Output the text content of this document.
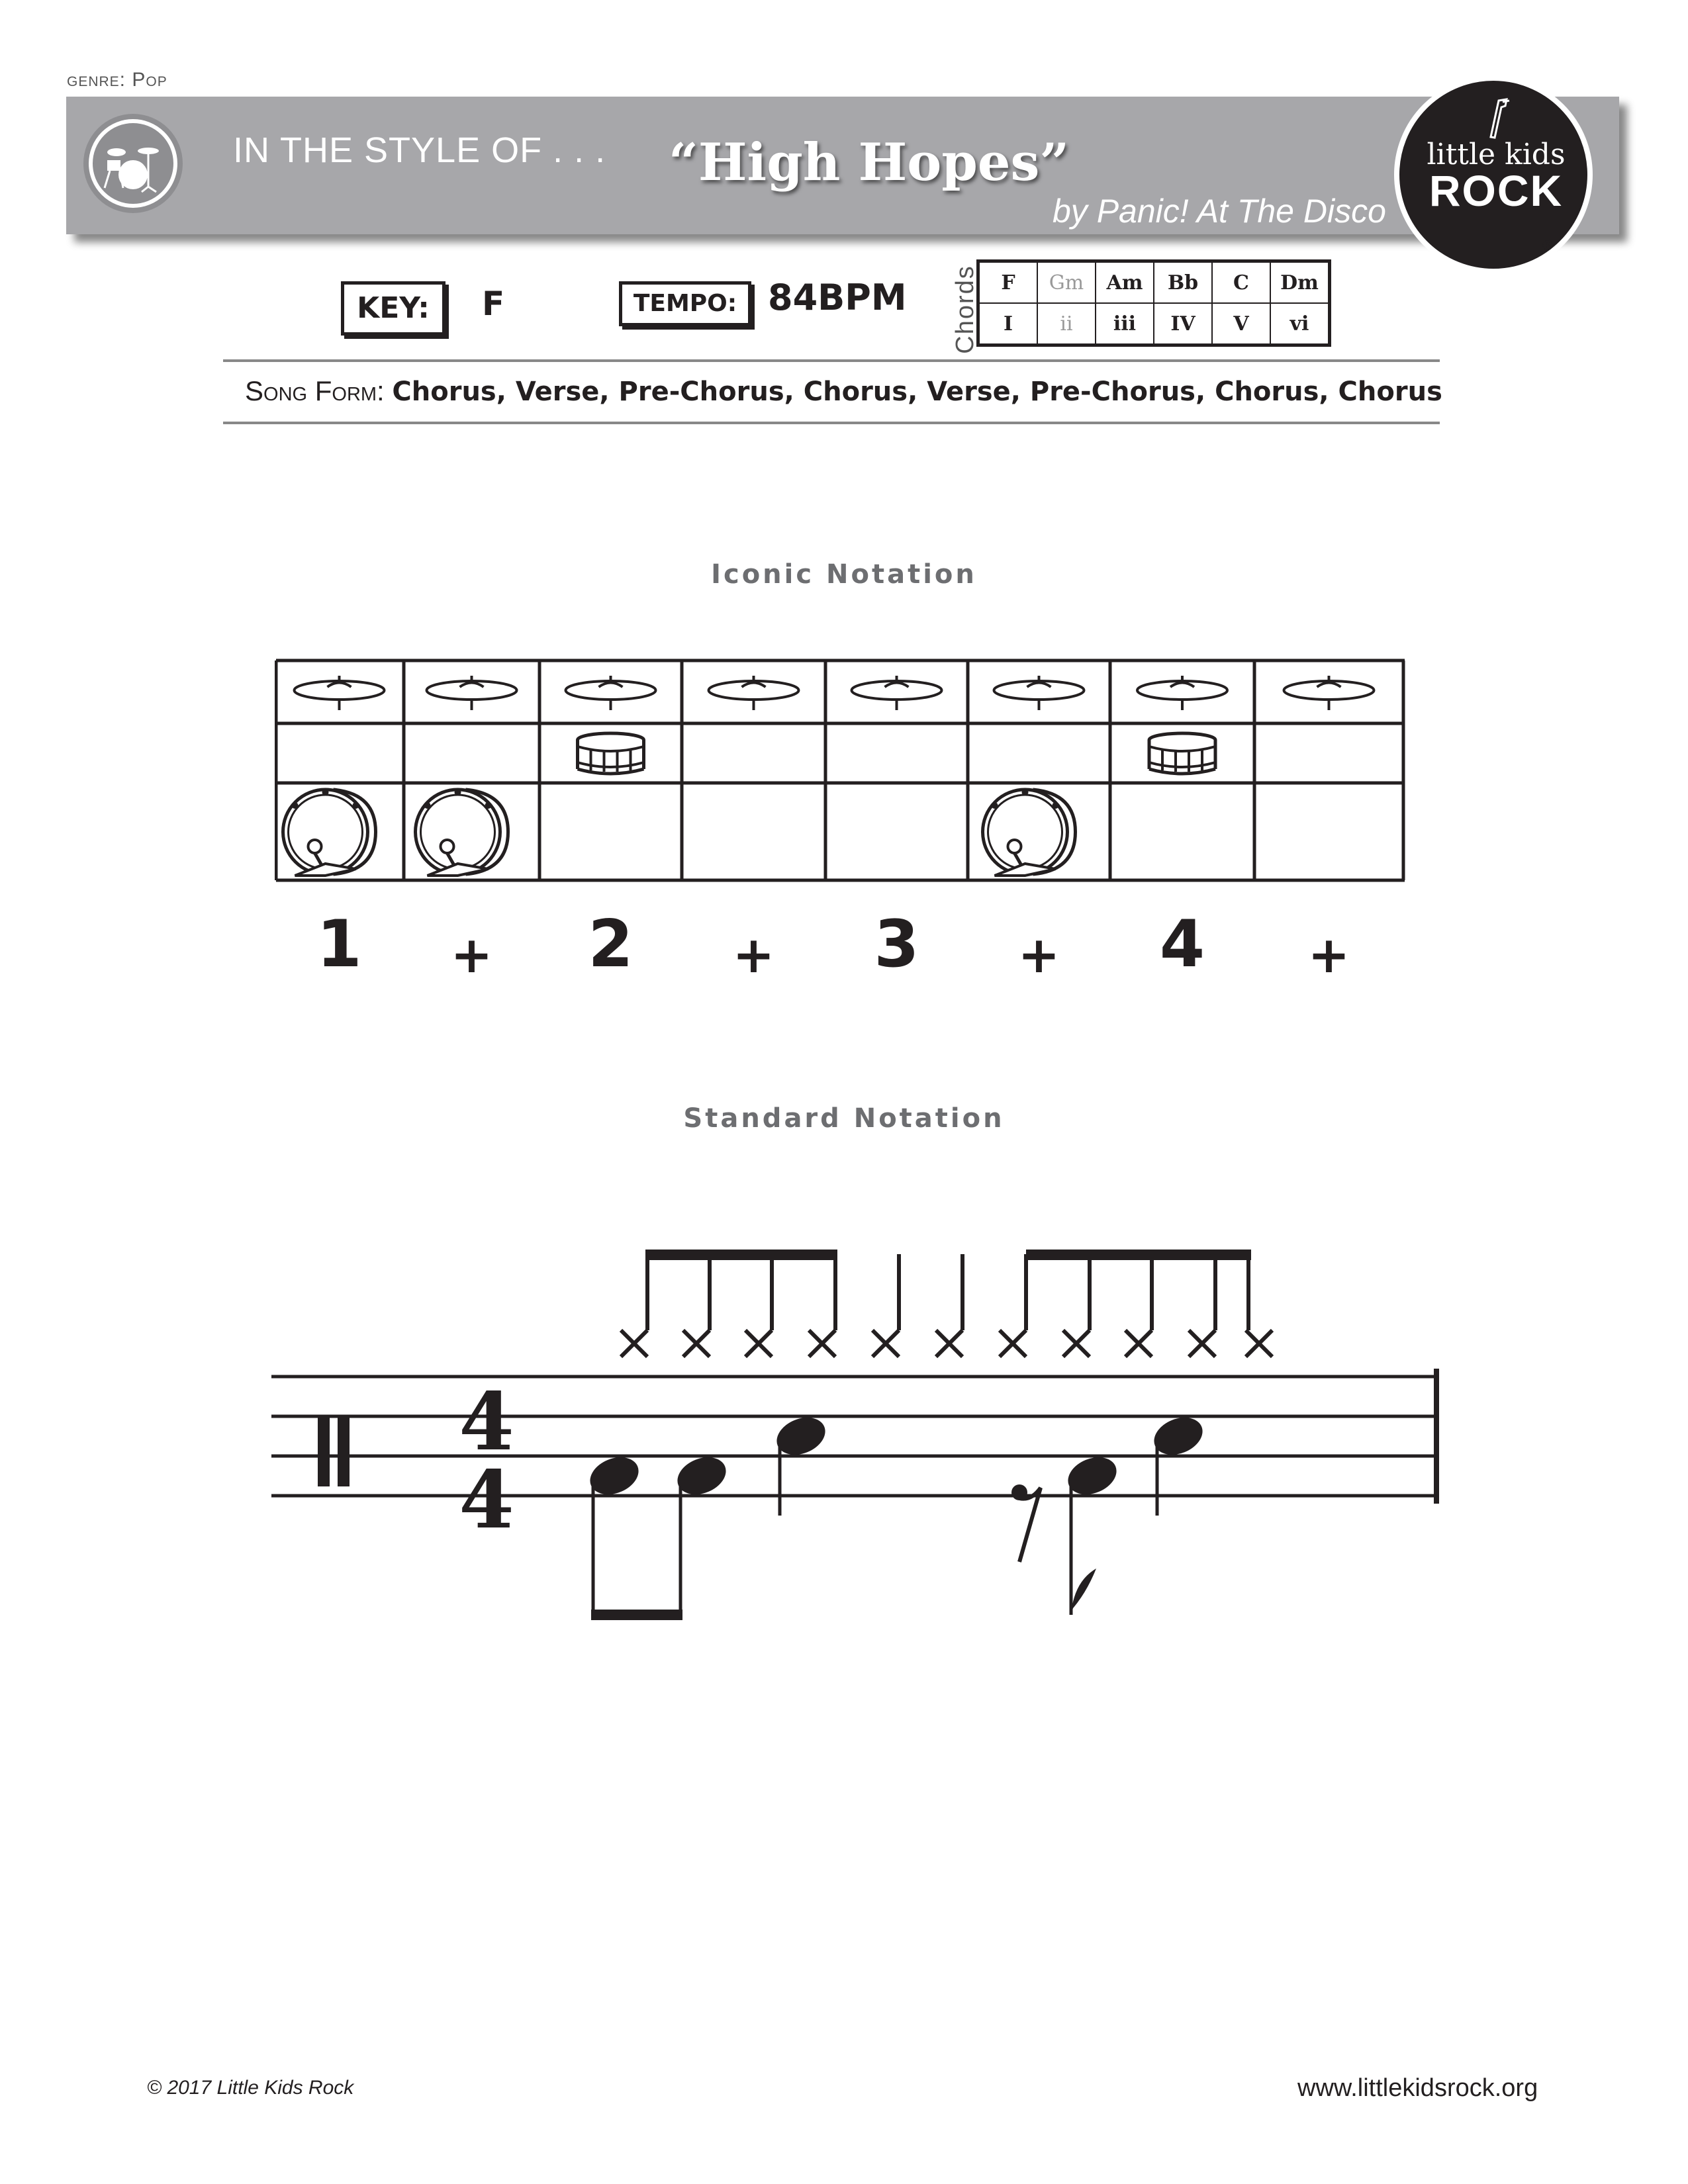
genre: Pop
IN THE STYLE OF . . . “High Hopes”
by Panic! At The Disco
little kids
ROCK
®
KEY:	F	TEMPO: 84BPM Chords F	Gm	Am	Bb	C	Dm
I	ii	iii	IV	V	vi
Song Form: Chorus, Verse, Pre-Chorus, Chorus, Verse, Pre-Chorus, Chorus, Chorus
Iconic Notation
1	+ 2	+ 3	+ 4	+
Standard Notation
4
4
© 2017 Little Kids Rock	www.littlekidsrock.org
